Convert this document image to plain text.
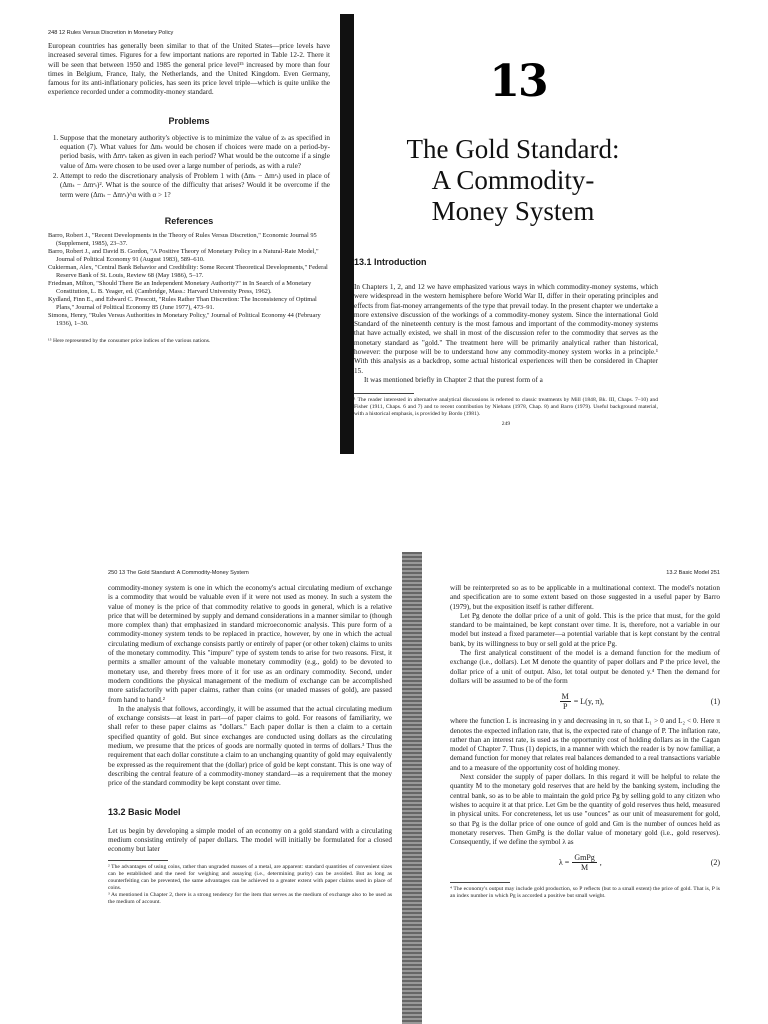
248 12 Rules Versus Discretion in Monetary Policy

European countries has generally been similar to that of the United States—price levels have increased several times. Figures for a few important nations are reported in Table 12-2. There it will be seen that between 1950 and 1985 the general price level¹⁵ increased by more than four times in Belgium, France, Italy, the Netherlands, and the United Kingdom. Even Germany, famous for its anti-inflationary policies, has seen its price level triple—which is quite unlike the experience recorded under a commodity-money standard.

Problems
1. Suppose that the monetary authority's objective is to minimize the value of zₜ as specified in equation (7). What values for Δmₜ would be chosen if choices were made on a period-by-period basis, with Δmᵉₜ taken as given in each period? What would be the outcome if a single value of Δmₜ were chosen to be used over a large number of periods, as with a rule?
2. Attempt to redo the discretionary analysis of Problem 1 with (Δmₜ − Δmᵉₜ) used in place of (Δmₜ − Δmᵉₜ)². What is the source of the difficulty that arises? Would it be overcome if the term were (Δmₜ − Δmᵉₜ)^α with α > 1?
References

Barro, Robert J., "Recent Developments in the Theory of Rules Versus Discretion," Economic Journal 95 (Supplement, 1985), 23–37.

Barro, Robert J., and David B. Gordon, "A Positive Theory of Monetary Policy in a Natural-Rate Model," Journal of Political Economy 91 (August 1983), 589–610.

Cukierman, Alex, "Central Bank Behavior and Credibility: Some Recent Theoretical Developments," Federal Reserve Bank of St. Louis, Review 68 (May 1986), 5–17.

Friedman, Milton, "Should There Be an Independent Monetary Authority?" in In Search of a Monetary Constitution, L. B. Yeager, ed. (Cambridge, Mass.: Harvard University Press, 1962).

Kydland, Finn E., and Edward C. Prescott, "Rules Rather Than Discretion: The Inconsistency of Optimal Plans," Journal of Political Economy 85 (June 1977), 473–91.

Simons, Henry, "Rules Versus Authorities in Monetary Policy," Journal of Political Economy 44 (February 1936), 1–30.

¹⁵ Here represented by the consumer price indices of the various nations.

13
The Gold Standard:
A Commodity-
Money System
13.1 Introduction

In Chapters 1, 2, and 12 we have emphasized various ways in which commodity-money systems, which were widespread in the western hemisphere before World War II, differ in their operating principles and effects from fiat-money arrangements of the type that prevail today. In the present chapter we undertake a more extensive discussion of the workings of a commodity-money system. Since the international Gold Standard of the nineteenth century is the most famous and important of the commodity-money systems that have actually existed, we shall in most of the discussion refer to the commodity that serves as the monetary standard as "gold." The treatment here will be primarily analytical rather than historical, however: the purpose will be to understand how any commodity-money system works in a principle.¹ With this analysis as a backdrop, some actual historical experiences will then be considered in Chapter 15.

It was mentioned briefly in Chapter 2 that the purest form of a

¹ The reader interested in alternative analytical discussions is referred to classic treatments by Mill (1848, Bk. III, Chaps. 7–10) and Fisher (1911, Chaps. 6 and 7) and to recent contribution by Niehans (1978, Chap. 8) and Barro (1979). Useful background material, with a historical emphasis, is provided by Bordo (1981).

249
250 13 The Gold Standard: A Commodity-Money System

commodity-money system is one in which the economy's actual circulating medium of exchange is a commodity that would be valuable even if it were not used as money. In such a system the value of money is the price of that commodity relative to goods in general, which is a relative price that will be determined by supply and demand considerations in a manner similar to (though more complex than) that emphasized in standard microeconomic analysis. This pure form of a commodity-money system tends to be replaced in practice, however, by one in which the actual circulating medium of exchange consists partly or entirely of paper (or other token) claims to units of the monetary commodity. This "impure" type of system tends to arise for two reasons. First, it permits a smaller amount of the valuable monetary commodity (e.g., gold) to be devoted to monetary use, and thereby frees more of it for use as an ordinary commodity. Second, under modern conditions the physical management of the medium of exchange can be accomplished more satisfactorily with paper claims, rather than coins (or unaded masses of gold), are passed from hand to hand.²

In the analysis that follows, accordingly, it will be assumed that the actual circulating medium of exchange consists—at least in part—of paper claims to gold. For reasons of familiarity, we shall refer to these paper claims as "dollars." Each paper dollar is then a claim to a certain specified quantity of gold. But since exchanges are conducted using dollars as the circulating medium, we presume that the prices of goods are normally quoted in terms of dollars.³ Thus the requirement that each dollar constitute a claim to an unchanging quantity of gold may equivalently be expressed as the requirement that the (dollar) price of gold be kept constant. This is one way of describing the central feature of a commodity-money standard—as a requirement that the money price of the standard commodity be kept constant over time.

13.2 Basic Model

Let us begin by developing a simple model of an economy on a gold standard with a circulating medium consisting entirely of paper dollars. The model will initially be formulated for a closed economy but later

² The advantages of using coins, rather than ungraded masses of a metal, are apparent: standard quantities of convenient sizes can be established and the need for weighing and assaying (i.e., determining purity) can be avoided. But as long as counterfeiting can be prevented, the same advantages can be achieved to a greater extent with paper claims used in place of coins.

³ As mentioned in Chapter 2, there is a strong tendency for the item that serves as the medium of exchange also to be used as the medium of account.

13.2 Basic Model 251

will be reinterpreted so as to be applicable in a multinational context. The model's notation and specification are to some extent based on those suggested in a useful paper by Barro (1979), but the exposition itself is rather different.

Let Pg denote the dollar price of a unit of gold. This is the price that must, for the gold standard to be maintained, be kept constant over time. It is, therefore, not a variable in our model but instead a fixed parameter—a potential variable that is kept constant by the central bank, by its willingness to buy or sell gold at the price Pg.

The first analytical constituent of the model is a demand function for the medium of exchange (i.e., dollars). Let M denote the quantity of paper dollars and P the price level, the dollar price of a unit of output. Also, let total output be denoted y.⁴ Then the demand for dollars will be assumed to be of the form

$\frac{M}{P} = L(y$, π),	(1)

where the function L is increasing in y and decreasing in π, so that L₁ > 0 and L₂ < 0. Here π denotes the expected inflation rate, that is, the expected rate of change of P. The inflation rate, rather than an interest rate, is used as the opportunity cost of holding dollars as in the Cagan model of Chapter 7. Thus (1) depicts, in a manner with which the reader is by now familiar, a demand function for money that relates real balances demanded to a real transactions variable and to a measure of the opportunity cost of holding money.

Next consider the supply of paper dollars. In this regard it will be helpful to relate the quantity M to the monetary gold reserves that are held by the banking system, including the central bank, so as to be able to maintain the gold price Pg by selling gold to any citizen who wishes to acquire it at that price. Let Gm be the quantity of gold reserves thus held, measured in physical units. For concreteness, let us use "ounces" as our unit of measurement for gold, so that Pg is the dollar price of one ounce of gold and Gm is the number of ounces held as monetary reserves. Then GmPg is the dollar value of monetary gold (i.e., gold reserves). Consequently, if we define the symbol λ as

$\lambda = \frac{\text{GmPg}}{M}$ ,	(2)

⁴ The economy's output may include gold production, so P reflects (but to a small extent) the price of gold. That is, P is an index number in which Pg is accorded a positive but small weight.
